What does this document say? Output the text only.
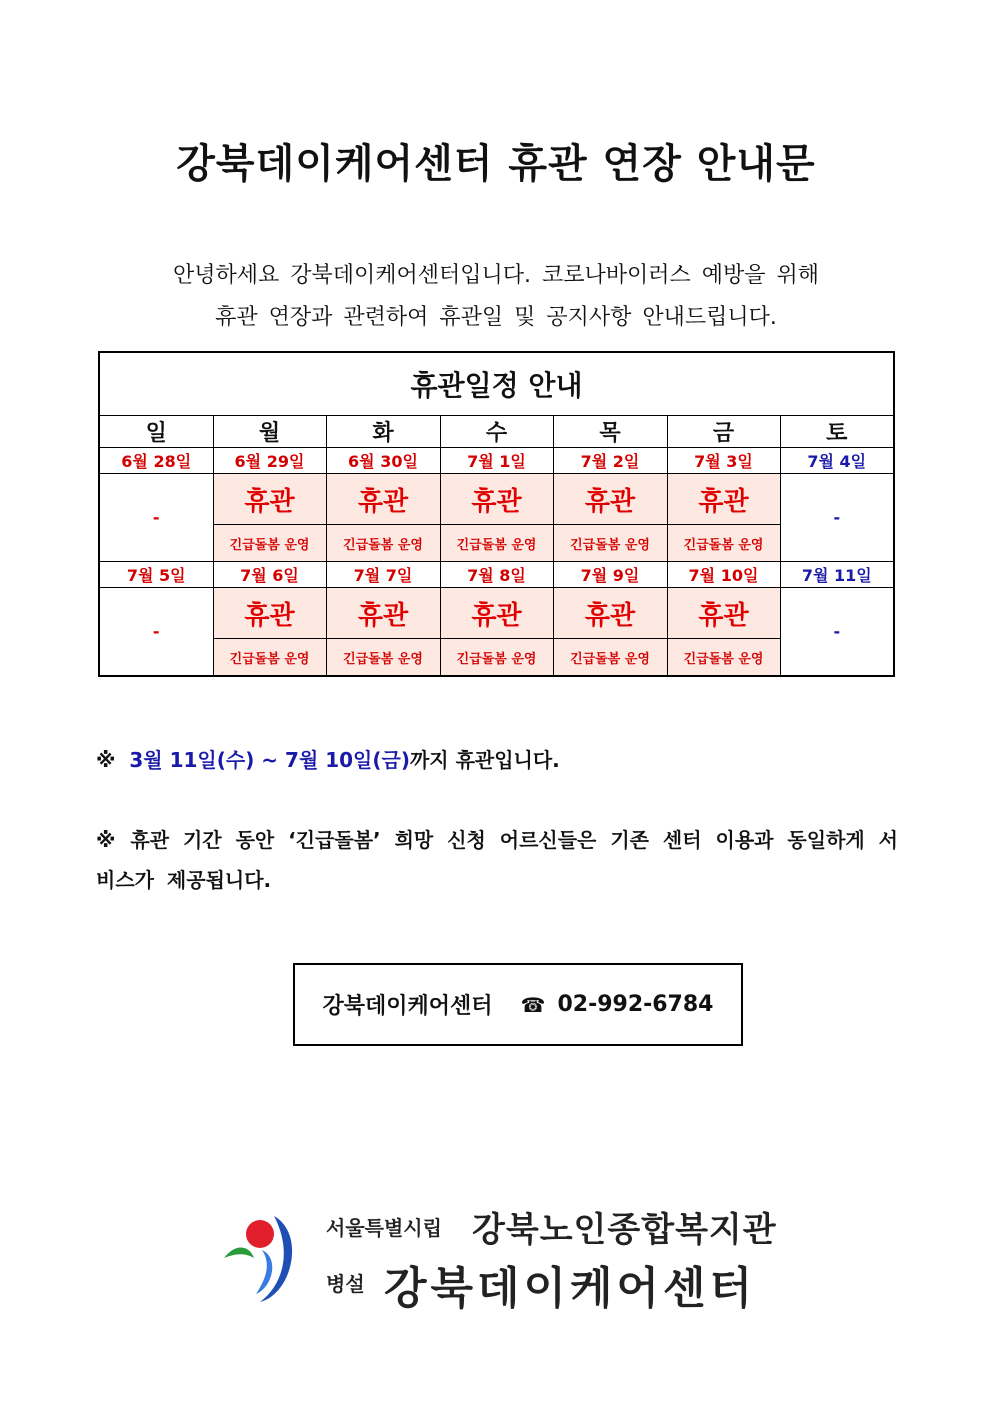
강북데이케어센터 휴관 연장 안내문
안녕하세요 강북데이케어센터입니다. 코로나바이러스 예방을 위해
휴관 연장과 관련하여 휴관일 및 공지사항 안내드립니다.
휴관일정 안내						
일	월	화	수	목	금	토
6월 28일	6월 29일	6월 30일	7월 1일	7월 2일	7월 3일	7월 4일
-	휴관	휴관	휴관	휴관	휴관	-
	긴급돌봄 운영	긴급돌봄 운영	긴급돌봄 운영	긴급돌봄 운영	긴급돌봄 운영	
7월 5일	7월 6일	7월 7일	7월 8일	7월 9일	7월 10일	7월 11일
-	휴관	휴관	휴관	휴관	휴관	-
	긴급돌봄 운영	긴급돌봄 운영	긴급돌봄 운영	긴급돌봄 운영	긴급돌봄 운영	
※ 3월 11일(수) ~ 7월 10일(금)까지 휴관입니다.
※ 휴관 기간 동안 ‘긴급돌봄’ 희망 신청 어르신들은 기존 센터 이용과 동일하게 서비스가 제공됩니다.
강북데이케어센터 ☎ 02-992-6784
서울특별시립 강북노인종합복지관
병설 강북데이케어센터
